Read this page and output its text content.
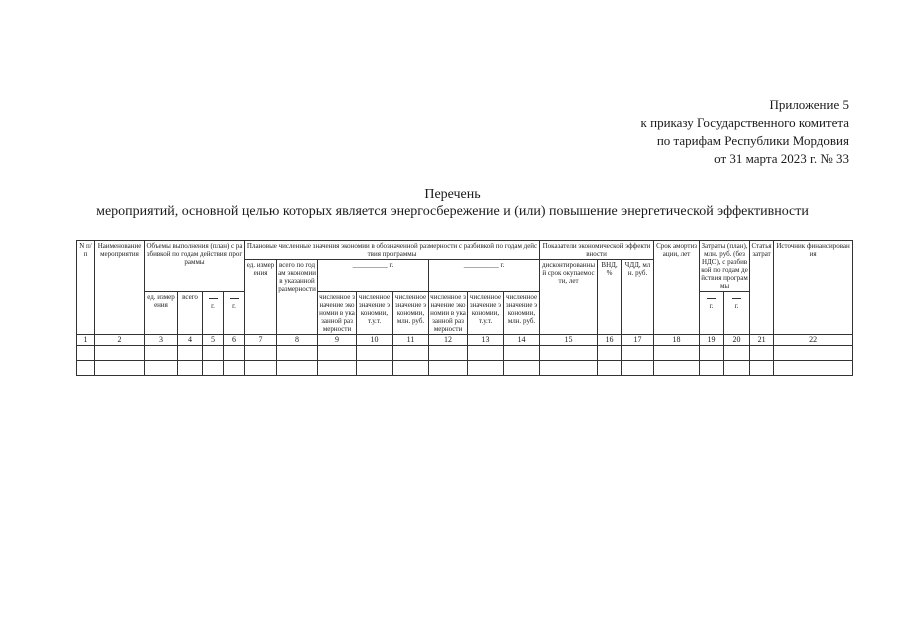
Приложение 5
к приказу Государственного комитета
по тарифам Республики Мордовия
от 31 марта 2023 г. № 33
Перечень
мероприятий, основной целью которых является энергосбережение и (или) повышение энергетической эффективности
N п/п	Наименование мероприятия	Объемы выполнения (план) с разбивкой по годам действия программы				Плановые численные значения экономии в обозначенной размерности с разбивкой по годам действия программы								Показатели экономической эффективности			Срок амортизации, лет	Затраты (план), млн. руб. (без НДС), с разбивкой по годам действия программы		Статья затрат	Источник финансирования
						ед. измерения	всего по годам экономии в указанной размерности	__________ г.			__________ г.			дисконтированный срок окупаемости, лет	ВНД, %	ЧДД, млн. руб.					
		ед. измерения	всего	г.	г.			численное значение экономии в указанной размерности	численное значение экономии, т.у.т.	численное значение экономии, млн. руб.	численное значение экономии в указанной размерности	численное значение экономии, т.у.т.	численное значение экономии, млн. руб.					г.	г.		

1	2	3	4	5	6	7	8	9	10	11	12	13	14	15	16	17	18	19	20	21	22
